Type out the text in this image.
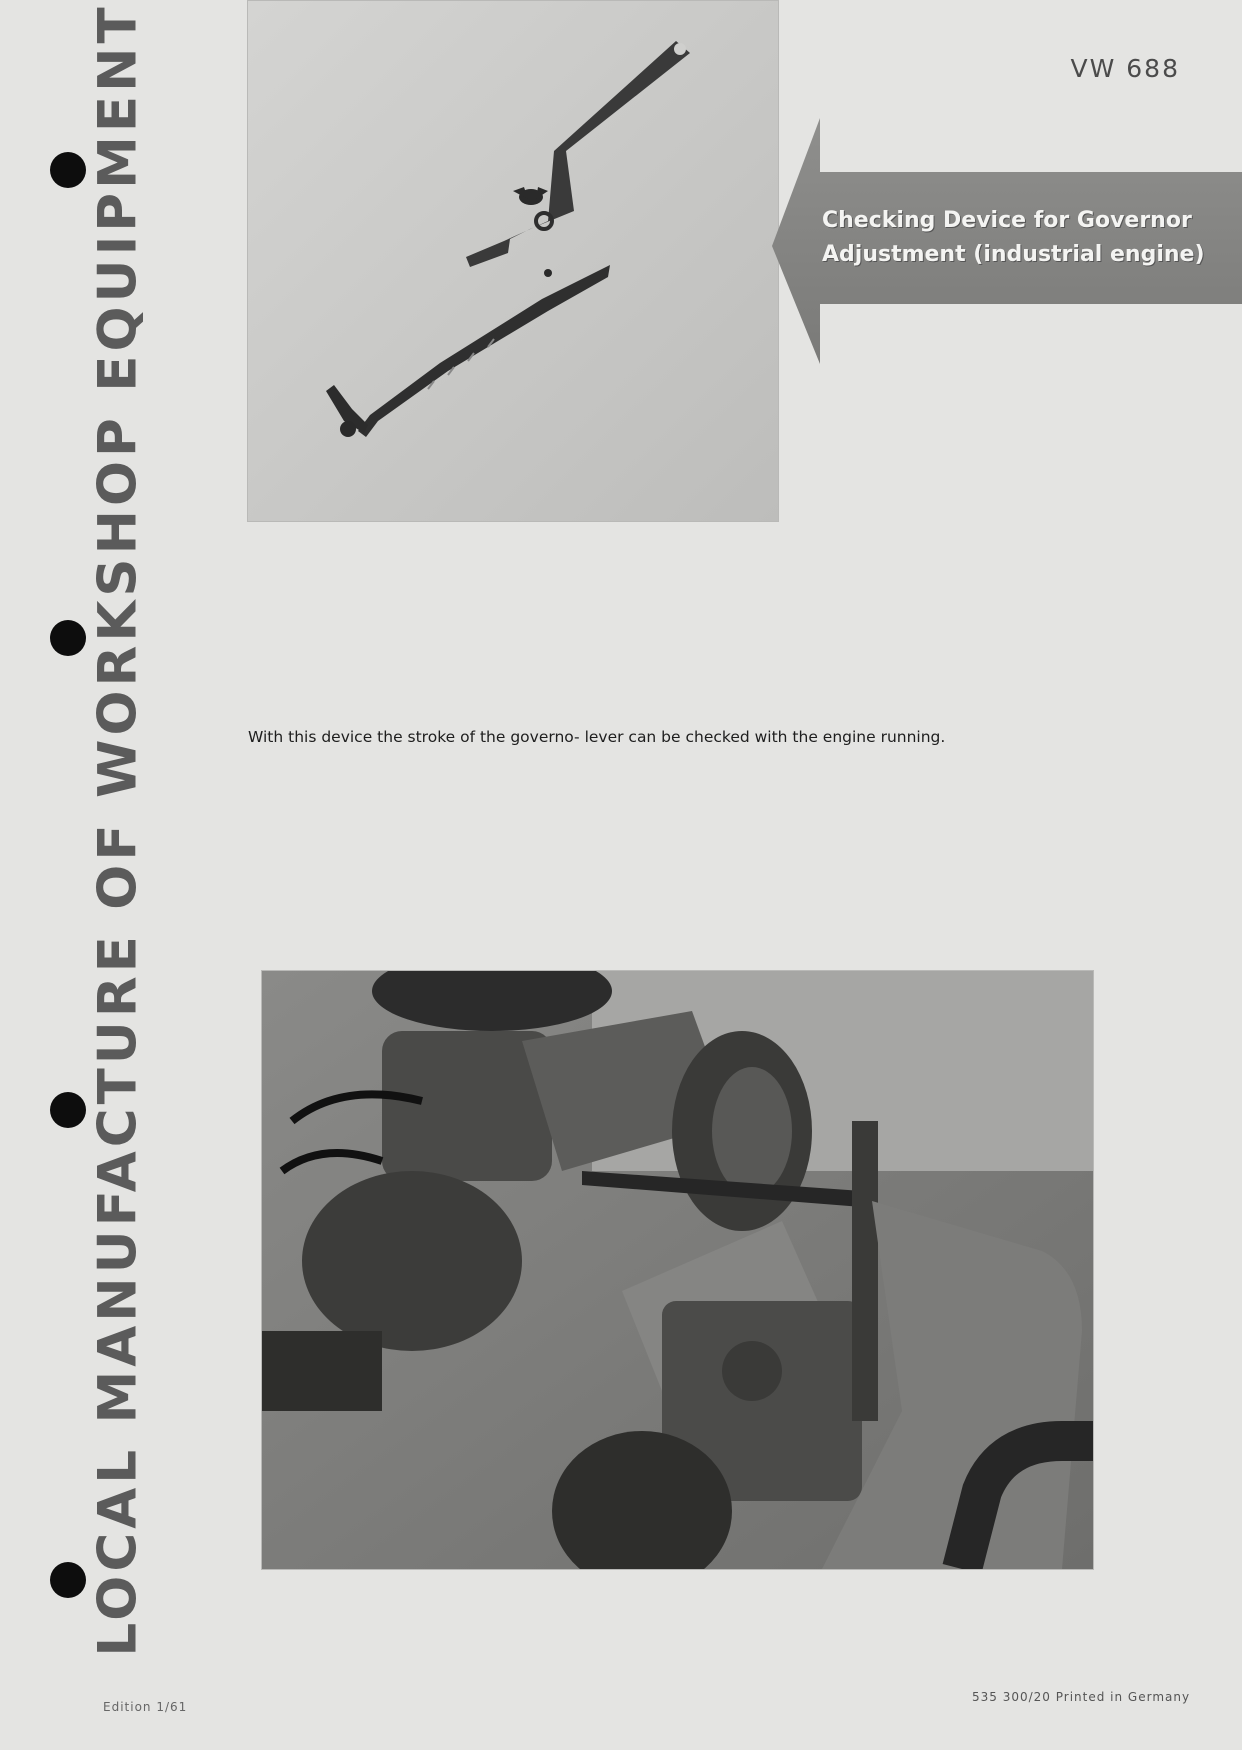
LOCAL MANUFACTURE OF WORKSHOP EQUIPMENT	VW 688
Checking Device for Governor
Adjustment (industrial engine)
With this device the stroke of the governo- lever can be checked with the engine running.
Edition 1/61
535 300/20 Printed in Germany
